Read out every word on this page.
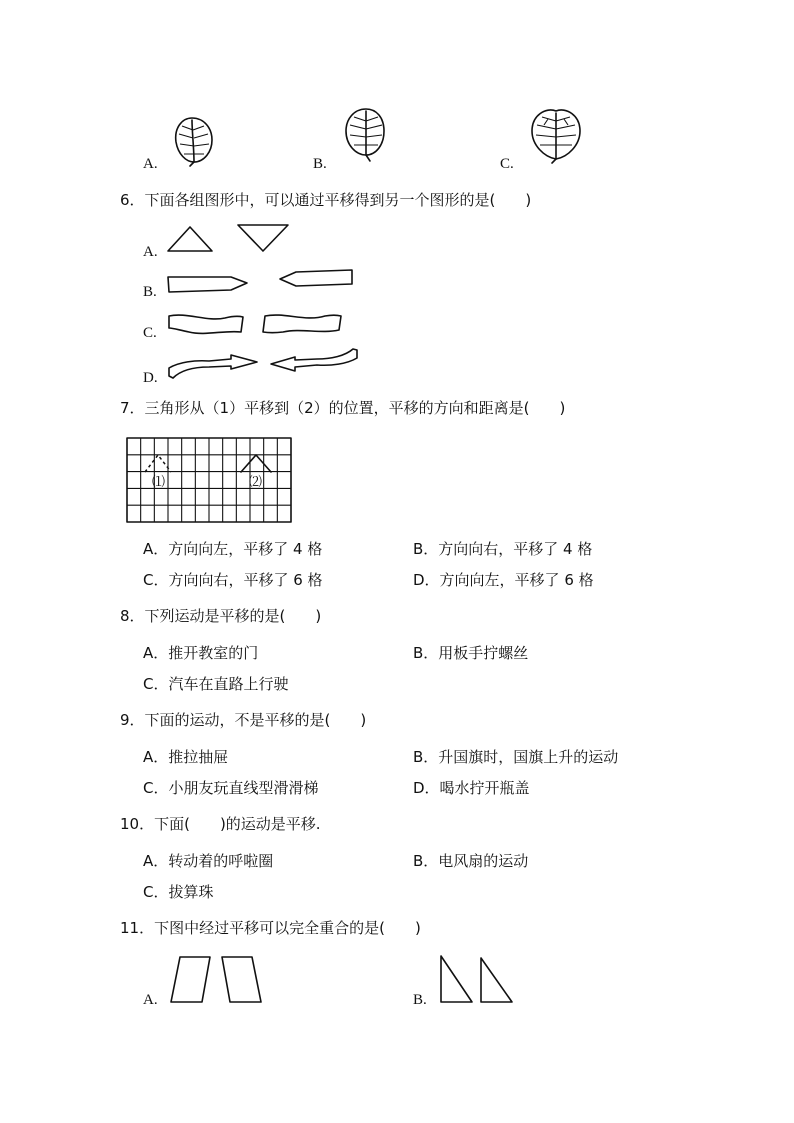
A.	B.	C.
6．下面各组图形中，可以通过平移得到另一个图形的是(　　)
A.
B.
C.
D.
7．三角形从（1）平移到（2）的位置，平移的方向和距离是(　　)
⑴	⑵
A．方向向左，平移了 4 格	B．方向向右，平移了 4 格
C．方向向右，平移了 6 格	D．方向向左，平移了 6 格
8．下列运动是平移的是(　　)
A．推开教室的门	B．用板手拧螺丝
C．汽车在直路上行驶
9．下面的运动，不是平移的是(　　)
A．推拉抽屉	B．升国旗时，国旗上升的运动
C．小朋友玩直线型滑滑梯	D．喝水拧开瓶盖
10．下面(　　)的运动是平移.
A．转动着的呼啦圈	B．电风扇的运动
C．拔算珠
11．下图中经过平移可以完全重合的是(　　)
A.	B.
